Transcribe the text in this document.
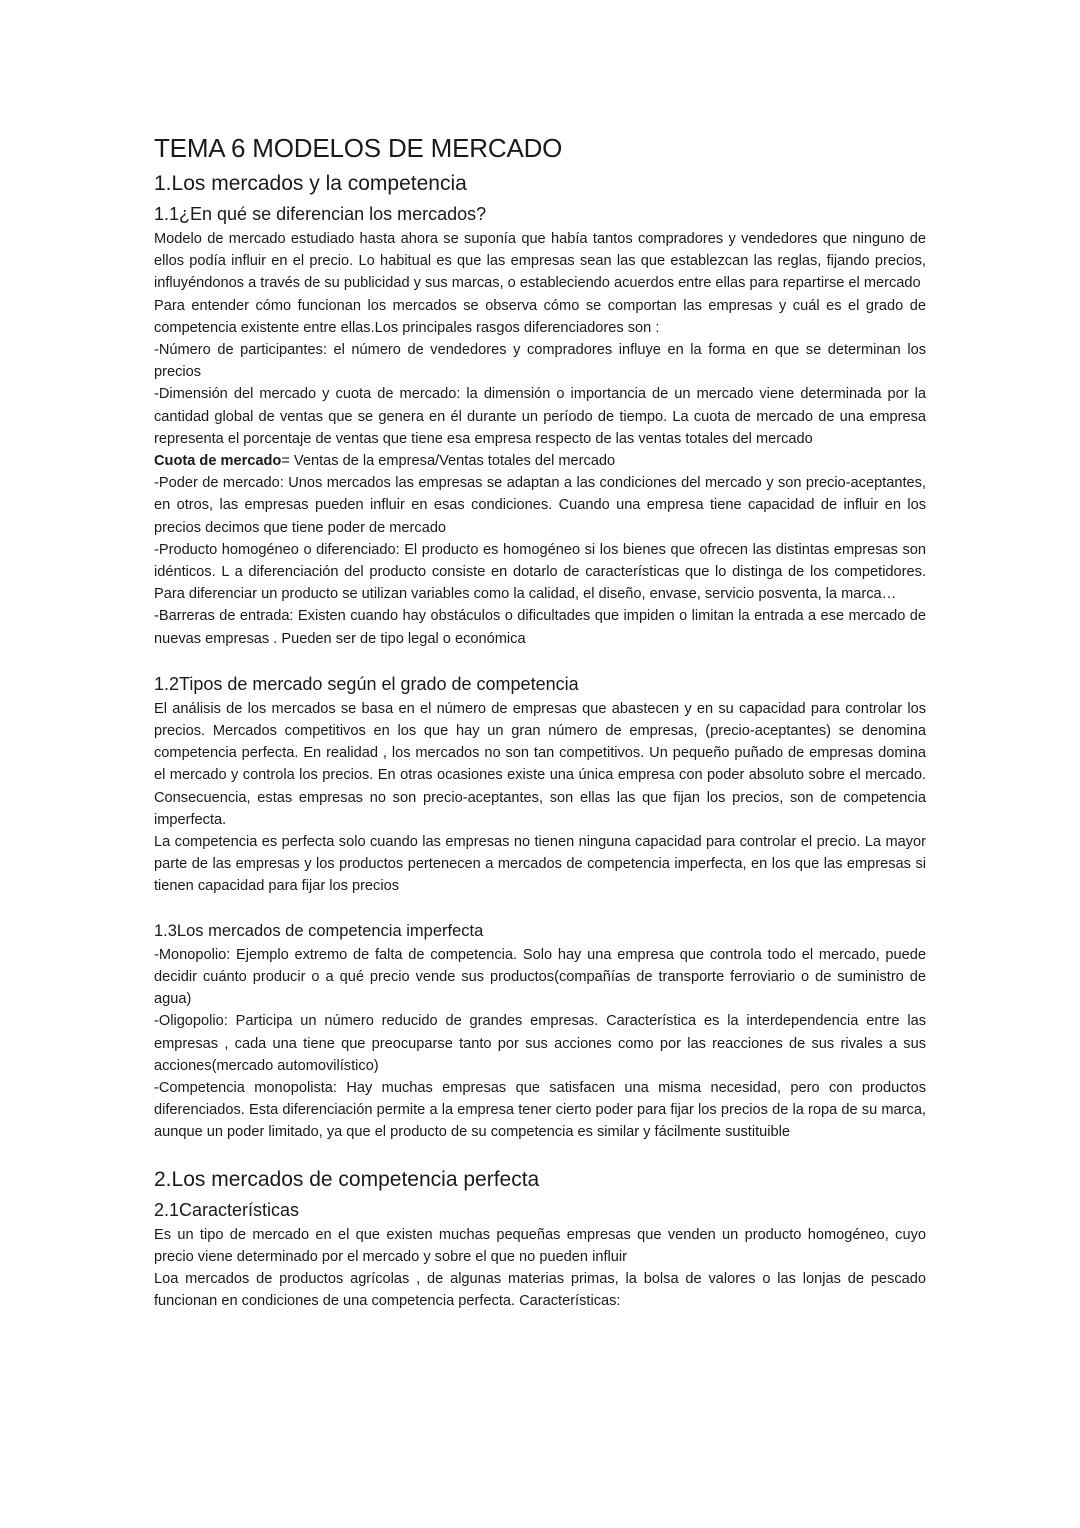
TEMA 6 MODELOS DE MERCADO
1.Los mercados y la competencia
1.1¿En qué se diferencian los mercados?

Modelo de mercado estudiado hasta ahora se suponía que había tantos compradores y vendedores que ninguno de ellos podía influir en el precio. Lo habitual es que las empresas sean las que establezcan las reglas, fijando precios, influyéndonos a través de su publicidad y sus marcas, o estableciendo acuerdos entre ellas para repartirse el mercado

Para entender cómo funcionan los mercados se observa cómo se comportan las empresas y cuál es el grado de competencia existente entre ellas.Los principales rasgos diferenciadores son :

-Número de participantes: el número de vendedores y compradores influye en la forma en que se determinan los precios

-Dimensión del mercado y cuota de mercado: la dimensión o importancia de un mercado viene determinada por la cantidad global de ventas que se genera en él durante un período de tiempo. La cuota de mercado de una empresa representa el porcentaje de ventas que tiene esa empresa respecto de las ventas totales del mercado

Cuota de mercado= Ventas de la empresa/Ventas totales del mercado

-Poder de mercado: Unos mercados las empresas se adaptan a las condiciones del mercado y son precio-aceptantes, en otros, las empresas pueden influir en esas condiciones. Cuando una empresa tiene capacidad de influir en los precios decimos que tiene poder de mercado

-Producto homogéneo o diferenciado: El producto es homogéneo si los bienes que ofrecen las distintas empresas son idénticos. L a diferenciación del producto consiste en dotarlo de características que lo distinga de los competidores. Para diferenciar un producto se utilizan variables como la calidad, el diseño, envase, servicio posventa, la marca…

-Barreras de entrada: Existen cuando hay obstáculos o dificultades que impiden o limitan la entrada a ese mercado de nuevas empresas . Pueden ser de tipo legal o económica

1.2Tipos de mercado según el grado de competencia

El análisis de los mercados se basa en el número de empresas que abastecen y en su capacidad para controlar los precios. Mercados competitivos en los que hay un gran número de empresas, (precio-aceptantes) se denomina competencia perfecta. En realidad , los mercados no son tan competitivos. Un pequeño puñado de empresas domina el mercado y controla los precios. En otras ocasiones existe una única empresa con poder absoluto sobre el mercado. Consecuencia, estas empresas no son precio-aceptantes, son ellas las que fijan los precios, son de competencia imperfecta.

La competencia es perfecta solo cuando las empresas no tienen ninguna capacidad para controlar el precio. La mayor parte de las empresas y los productos pertenecen a mercados de competencia imperfecta, en los que las empresas si tienen capacidad para fijar los precios

1.3Los mercados de competencia imperfecta

-Monopolio: Ejemplo extremo de falta de competencia. Solo hay una empresa que controla todo el mercado, puede decidir cuánto producir o a qué precio vende sus productos(compañías de transporte ferroviario o de suministro de agua)

-Oligopolio: Participa un número reducido de grandes empresas. Característica es la interdependencia entre las empresas , cada una tiene que preocuparse tanto por sus acciones como por las reacciones de sus rivales a sus acciones(mercado automovilístico)

-Competencia monopolista: Hay muchas empresas que satisfacen una misma necesidad, pero con productos diferenciados. Esta diferenciación permite a la empresa tener cierto poder para fijar los precios de la ropa de su marca, aunque un poder limitado, ya que el producto de su competencia es similar y fácilmente sustituible

2.Los mercados de competencia perfecta
2.1Características

Es un tipo de mercado en el que existen muchas pequeñas empresas que venden un producto homogéneo, cuyo precio viene determinado por el mercado y sobre el que no pueden influir

Loa mercados de productos agrícolas , de algunas materias primas, la bolsa de valores o las lonjas de pescado funcionan en condiciones de una competencia perfecta. Características:
